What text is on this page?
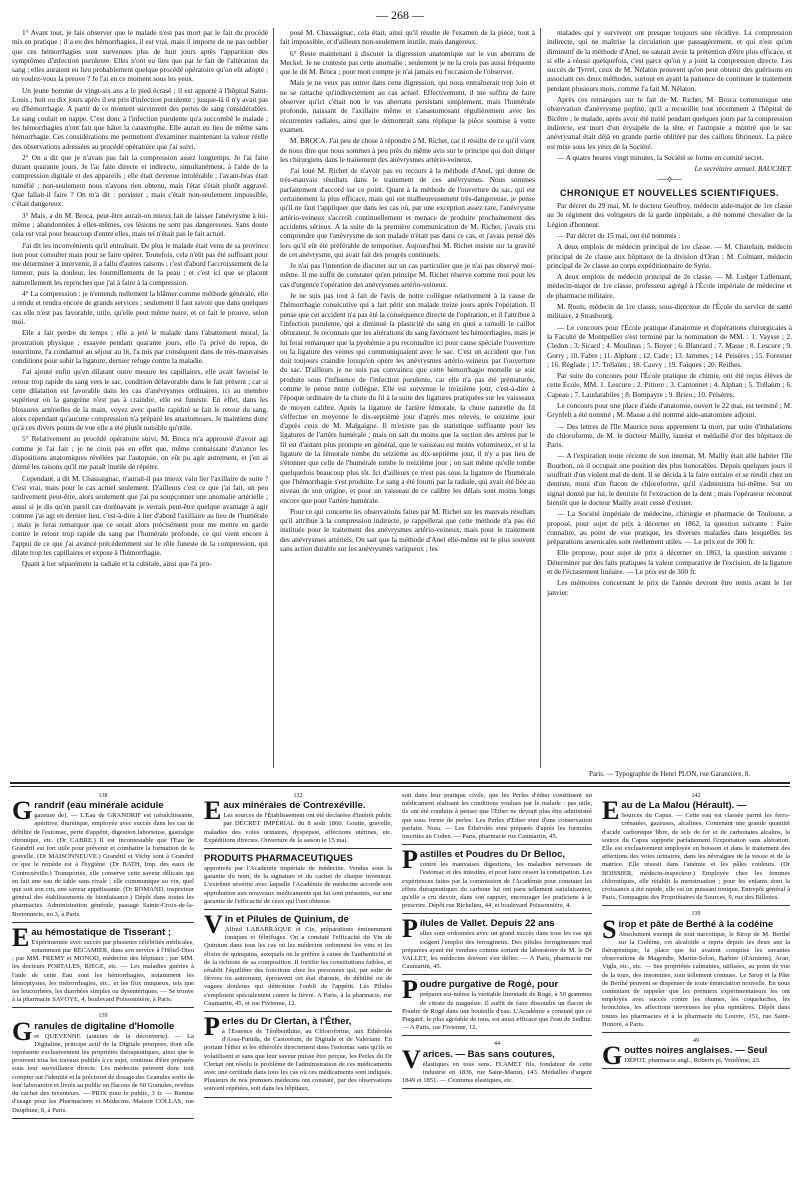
— 268 —

1° Avant tout, je fais observer que le malade n'est pas mort par le fait du procédé mis en pratique ; il a eu des hémorrhagies, il est vrai, mais il importe de ne pas oublier que ces hémorrhagies sont survenues plus de huit jours après l'apparition des symptômes d'infection purulente. Elles n'ont eu lieu que par le fait de l'altération du sang ; elles auraient eu lieu probablement quelque procédé opératoire qu'on eût adopté ; en voulez-vous la preuve ? Je l'ai en ce moment sous les yeux.

Un jeune homme de vingt-six ans a le pied écrasé ; il est apporté à l'hôpital Saint-Louis ; huit ou dix jours après il est pris d'infection purulente ; jusque-là il n'y avait pas eu d'hémorrhagie. A partir de ce moment survinrent des pertes de sang considérables. Le sang coulait en nappe. C'est donc à l'infection purulente qu'a succombé le malade ; les hémorrhagies n'ont fait que hâter la catastrophe. Elle aurait eu lieu de même sans hémorrhagie. Ces considérations me permettent d'examiner maintenant la valeur réelle des observations adressées au procédé opératoire que j'ai suivi.

2° On a dit que je n'avais pas fait la compression assez longtemps. Je l'ai faite durant quarante jours. Je l'ai faite directe et indirecte, simultanément, à l'aide de la compression digitale et des appareils ; elle était devenue intolérable ; l'avant-bras était tuméfié ; non-seulement nous n'avons rien obtenu, mais l'état s'était plutôt aggravé. Que fallait-il faire ? On m'a dit : persister ; mais c'était non-seulement impossible, c'était dangereux.

3° Mais, a dit M. Broca, peut-être aurait-on mieux fait de laisser l'anévrysme à lui-même ; abandonnées à elles-mêmes, ces lésions ne sont pas dangereuses. Sans doute cela est vrai pour beaucoup d'entre elles, mais tel n'était pas le fait actuel.

J'ai dit les inconvénients qu'il entraînait. De plus le malade était venu de sa province non pour consulter mais pour se faire opérer. Toutefois, cela n'eût pas été suffisant pour me déterminer à intervenir, il a fallu d'autres raisons ; c'est d'abord l'accroissement de la tumeur, puis la douleur, les fourmillements de la peau ; et c'est ici que se placent naturellement les reproches que j'ai à faire à la compression.

4° La compression : je n'entends nullement la blâmer comme méthode générale, elle a rendu et rendra encore de grands services ; seulement il faut savoir que dans quelques cas elle n'est pas favorable, utile, qu'elle peut même nuire, et ce fait le prouve, selon moi.

Elle a fait perdre du temps ; elle a jeté le malade dans l'abattement moral, la prostration physique ; essayée pendant quarante jours, elle l'a privé de repos, de nourriture, l'a condamné au séjour au lit, l'a mis par conséquent dans de très-mauvaises conditions pour subir la ligature, dernier refuge contre la maladie.

J'ai ajouté enfin qu'en dilatant outre mesure les capillaires, elle avait favorisé le retour trop rapide du sang vers le sac, condition défavorable dans le fait présent ; car si cette dilatation est favorable dans les cas d'anévrysmes ordinaires, ici au membre supérieur où la gangrène n'est pas à craindre, elle est funeste. En effet, dans les blessures artérielles de la main, voyez avec quelle rapidité se fait le retour du sang, alors cependant qu'aucune compression n'a préparé les anastomoses. Je maintiens donc qu'à ces divers points de vue elle a été plutôt nuisible qu'utile.

5° Relativement au procédé opératoire suivi, M. Broca m'a approuvé d'avoir agi comme je l'ai fait ; je ne crois pas en effet que, même connaissant d'avance les dispositions anatomiques révélées par l'autopsie, on eût pu agir autrement, et j'en ai donné les raisons qu'il me paraît inutile de répéter.

Cependant, a dit M. Chassaignac, n'aurait-il pas mieux valu lier l'axillaire de suite ? C'est vrai, mais pour le cas actuel seulement. D'ailleurs c'est ce que j'ai fait, un peu tardivement peut-être, alors seulement que j'ai pu soupçonner une anomalie artérielle ; aussi si je dis qu'en pareil cas dorénavant je verrais peut-être quelque avantage à agir comme j'ai agi en dernier lieu, c'est-à-dire à lier d'abord l'axillaire au lieu de l'humérale ; mais je ferai remarquer que ce serait alors précisément pour me mettre en garde contre le retour trop rapide du sang par l'humérale profonde, ce qui vient encore à l'appui de ce que j'ai avancé précédemment sur le rôle funeste de la compression, qui dilate trop les capillaires et expose à l'hémorrhagie.

Quant à lier séparément la radiale et la cubitale, ainsi que l'a pro-

posé M. Chassaignac, cela était, ainsi qu'il résulte de l'examen de la pièce, tout à fait impossible, et d'ailleurs non-seulement inutile, mais dangereux.

6° Reste maintenant à discuter la digression anatomique sur le vus aberrans de Meckel. Je ne conteste pas cette anomalie ; seulement je ne la crois pas aussi fréquente que le dit M. Broca ; pour mon compte je n'ai jamais eu l'occasion de l'observer.

Mais je ne veux pas entrer dans cette digression, qui nous entraînerait trop loin et ne se rattache qu'indirectement au cas actuel. Effectivement, il me suffira de faire observer qu'ici c'était non le vas aberrans persistant simplement, mais l'humérale profonde, naissant de l'axillaire même et s'anastomosant régulièrement avec les récurrentes radiales, ainsi que le démontrait sans réplique la pièce soumise à votre examen.

M. BROCA. J'ai peu de chose à répondre à M. Richet, car il résulte de ce qu'il vient de nous dire que nous sommes à peu près du même avis sur le principe qui doit diriger les chirurgiens dans le traitement des anévrysmes artério-veineux.

J'ai loué M. Richet de n'avoir pas eu recours à la méthode d'Anel, qui donne de très-mauvais résultats dans le traitement de ces anévrysmes. Nous sommes parfaitement d'accord sur ce point. Quant à la méthode de l'ouverture du sac, qui est certainement la plus efficace, mais qui est malheureusement très-dangereuse, je pense qu'il ne faut l'appliquer que dans les cas où, par une exception assez rare, l'anévrysme artério-veineux s'accroît continuellement et menace de produire prochainement des accidents sérieux. A la suite de la première communication de M. Richet, j'avais cru comprendre que l'anévrysme de son malade n'était pas dans ce cas, et j'avais pensé dès lors qu'il eût été préférable de temporiser. Aujourd'hui M. Richet insiste sur la gravité de cet anévrysme, qui avait fait des progrès continuels.

Je n'ai pas l'intention de discuter sur un cas particulier que je n'ai pas observé moi-même. Il me suffit de constater qu'en principe M. Richet réserve comme moi pour les cas d'urgence l'opération des anévrysmes artério-veineux.

Je ne suis pas tout à fait de l'avis de notre collègue relativement à la cause de l'hémorrhagie consécutive qui a fait périr son malade treize jours après l'opération. Il pense que cet accident n'a pas été la conséquence directe de l'opération, et il l'attribue à l'infection purulente, qui a diminué la plasticité du sang en quoi a ramolli le caillot obturateur. Je reconnais que les altérations du sang favorisent les hémorrhagies, mais je lui ferai remarquer que la pyohémie a pu reconnaître ici pour cause spéciale l'ouverture ou la ligature des veines qui communiquaient avec le sac. C'est un accident que l'on doit toujours craindre lorsqu'on opère les anévrysmes artério-veineux par l'ouverture du sac. D'ailleurs je ne suis pas convaincu que cette hémorrhagie mortelle se soit produite sous l'influence de l'infection purulente, car elle n'a pas été prématurée, comme le pense notre collègue. Elle est survenue le treizième jour, c'est-à-dire à l'époque ordinaire de la chute du fil à la suite des ligatures pratiquées sur les vaisseaux de moyen calibre. Après la ligature de l'artère fémorale, la chute naturelle du fil s'effectue en moyenne le dix-septième jour d'après mes relevés, le seizième jour d'après ceux de M. Malgaigne. Il m'existe pas de statistique suffisante pour les ligatures de l'artère humérale ; mais on sait du moins que la section des artères par le fil est d'autant plus prompte en général, que le vaisseau est moins volumineux, et si la ligature de la fémorale tombe du seizième au dix-septième jour, il n'y a pas lieu de s'étonner que celle de l'humérale tombe le treizième jour ; on sait même qu'elle tombe quelquefois beaucoup plus tôt. Ici d'ailleurs ce n'est pas sous la ligature de l'humérale que l'hémorrhagie s'est produite. Le sang a été fourni par la radiale, qui avait été liée au niveau de son origine, et pour un vaisseau de ce calibre les délais sont moins longs encore que pour l'artère humérale.

Pour ce qui concerne les observations faites par M. Richet sur les mauvais résultats qu'il attribue à la compression indirecte, je rappellerai que cette méthode n'a pas été instituée pour le traitement des anévrysmes artério-veineux, mais pour le traitement des anévrysmes artériels. On sait que la méthode d'Anel elle-même est le plus souvent sans action durable sur les anévrysmes variqueux ; les

malades qui y survivent ont presque toujours une récidive. La compression indirecte, qui ne maîtrise la circulation que passagèrement, et qui n'est qu'un diminutif de la méthode d'Anel, ne saurait avoir la prétention d'être plus efficace, et si elle a réussi quelquefois, c'est parce qu'on y a joint la compression directe. Les succès de Tyrrel, ceux de M. Nélaton prouvent qu'on peut obtenir des guérisons en associant ces deux méthodes, surtout en ayant la patience de continuer le traitement pendant plusieurs mois, comme l'a fait M. Nélaton.

Après ces remarques sur le fait de M. Richet, M. Broca communique une observation d'anévrysme poplité, qu'il a recueillie tout récemment à l'hôpital de Bicêtre ; le malade, après avoir été traité pendant quelques jours par la compression indirecte, est mort d'un érysipèle de la tête, et l'autopsie a montré que le sac anévrysmal était déjà en grande partie oblitéré par des caillots fibrineux. La pièce est mise sous les yeux de la Société.

— A quatre heures vingt minutes, la Société se forme en comité secret.

Le secrétaire annuel, BAUCHET.
—⟡—
CHRONIQUE ET NOUVELLES SCIENTIFIQUES.

Par décret du 29 mai, M. le docteur Geoffroy, médecin aide-major de 1re classe au 3e régiment des voltigeurs de la garde impériale, a été nommé chevalier de la Légion d'honneur.

— Par décret du 15 mai, ont été nommés :

A deux emplois de médecin principal de 1re classe. — M. Chatelain, médecin principal de 2e classe aux hôpitaux de la division d'Oran ; M. Colmant, médecin principal de 2e classe au corps expéditionnaire de Syrie.

A deux emplois de médecin principal de 2e classe. — M. Ludger Lallemant, médecin-major de 1re classe, professeur agrégé à l'École impériale de médecine et de pharmacie militaire.

M. Rouis, médecin de 1re classe, sous-directeur de l'École du service de santé militaire, à Strasbourg.

— Le concours pour l'École pratique d'anatomie et d'opérations chirurgicales à la Faculté de Montpellier s'est terminé par la nomination de MM. : 1. Vaysse ; 2. Cledon ; 3. Sicard ; 4. Moulinas ; 5. Boyer ; 6. Blancard ; 7. Masse ; 8. Lescure ; 9. Gorry ; 10. Fabre ; 11. Alphant ; 12. Cade ; 13. Jammes ; 14. Peisères ; 15. Forestier ; 16. Réglade ; 17. Trélaüm ; 18. Cauvy ; 19. Faïques ; 20. Reilhes.

Par suite du concours pour l'École pratique de chimie, ont été reçus élèves de cette École, MM. 1. Lescure ; 2. Pittore ; 3. Cantonnet ; 4. Alphan ; 5. Trélaüm ; 6. Capeau ; 7. Laudarabiles ; 8. Bompayre ; 9. Brieu ; 10. Peisères.

Le concours pour une place d'aide d'anatomie, ouvert le 22 mai, est terminé ; M. Grynfelt a été nommé ; M. Masse a été nommé aide-anatomiste adjoint.

— Des lettres de l'île Maurice nous apprennent la mort, par suite d'inhalations de chloroforme, de M. le docteur Mailly, lauréat et médaillé d'or des hôpitaux de Paris.

— A l'expiration toute récente de son internat, M. Mailly était allé habiter l'île Bourbon, où il occupait une position des plus honorables. Depuis quelques jours il souffrait d'un violent mal de dent. Il se décida à la faire extraire et se rendit chez un dentiste, muni d'un flacon de chloroforme, qu'il s'administra lui-même. Sur un signal donné par lui, le dentiste fit l'extraction de la dent ; mais l'opérateur reconnut bientôt que le docteur Mailly avait cessé d'exister.

— La Société impériale de médecine, chirurgie et pharmacie de Toulouse, a proposé, pour sujet de prix à décerner en 1862, la question suivante : Faire connaître, au point de vue pratique, les diverses maladies dans lesquelles les préparations arsenicales sont réellement utiles. — Le prix est de 300 fr.

Elle propose, pour sujet de prix à décerner en 1863, la question suivante : Déterminer par des faits pratiques la valeur comparative de l'excision, de la ligature et de l'écrasement linéaire. — Le prix est de 300 fr.

Les mémoires concernant le prix de l'année devront être remis avant le 1er janvier.

Paris. — Typographie de Henri PLON, rue Garancière, 8.
138
G randrif (eau minérale acidule

gazeuse de). — L'Eau de GRANDRIF est rafraîchissante, apéritive, diurétique, employée avec succès dans les cas de débilité de l'estomac, perte d'appétit, digestion laborieuse, gastralgie chronique, etc. (Dr CABRE.) Il est incontestable que l'Eau de Grandrif est fort utile pour prévenir et combattre la formation de la gravelle. (Dr MAISONNEUVE.) Grandrif et Vichy sont à Grandrif ce que le remède est à l'hygiène. (Dr BATH, Imp. des eaux de Contrexéville.) Transportée, elle conserve cette saveur délicate qui en fait une eau de table sans rivale ; elle communique au vin, quel que soit son cru, une saveur appétissante. (Dr ROMAND, inspecteur général des établissements de bienfaisance.) Dépôt dans toutes les pharmacies. Administration générale, passage Sainte-Croix-de-la-Bretonnerie, no 3, à Paris.

E au hémostatique de Tisserant ;

Expérimentée avec succès par plusieurs célébrités médicales, notamment par RÉCAMIER, dans son service à l'Hôtel-Dieu ; par MM. FREMY et MONOD, médecins des hôpitaux ; par MM. les docteurs PORTALES, RIEGE, etc. — Les maladies guéries à l'aide de cette Eau sont les hémorrhagies, notamment les hémoptysies, les métrorrhagies, etc., et les flux muqueux, tels que les leucorrhées, les diarrhées simples ou dysentériques. — Se trouve à la pharmacie SAVOYE, 4, boulevard Poissonnière, à Paris.

139
G ranules de digitaline d'Homolle

et QUEVENNE (auteurs de la découverte). — La Digitaline, principe actif de la Digitale pourprée, dont elle représente exclusivement les propriétés thérapeutiques, ainsi que le prouvent tous les travaux publiés à ce sujet, continue d'être préparée sous leur surveillance directe. Les médecins peuvent donc tout compter sur l'identité et la précision de dosage des Granules sortis de leur laboratoire et livrés au public en flacons de 60 Granules, revêtus du cachet des inventeurs. — PRIX pour le public, 3 fr. — Remise d'usage pour les Pharmaciens et Médecins. Maison COLLAS, rue Dauphine, 8, à Paris.

132
E aux minérales de Contrexéville.

Les sources de l'Établissement ont été déclarées d'intérêt public par DÉCRET IMPÉRIAL du 8 août 1860. Goutte, gravelle, maladies des voies urinaires, dyspepsie, affections utérines, etc. Expéditions directes. Ouverture de la saison le 15 mai.

PRODUITS PHARMACEUTIQUES

approuvés par l'Académie impériale de médecine. Vendus sous la garantie du nom, de la signature et du cachet de chaque inventeur. L'extrême sévérité avec laquelle l'Académie de médecine accorde son approbation aux nouveaux médicaments qui lui sont présentés, est une garantie de l'efficacité de ceux qui l'ont obtenue.

V in et Pilules de Quinium, de

Alfred LABARRAQUE et Cie, préparations éminemment toniques et fébrifuges. On a constaté l'efficacité du Vin de Quinium dans tous les cas où les médecins ordonnent les vins et les élixirs de quinquina, auxquels on le préfère à cause de l'authenticité et de la richesse de sa composition. Il fortifie les constitutions faibles, et rétablit l'équilibre des fonctions chez les personnes qui, par suite de fièvres ou autrement, éprouvent cet état d'atonie, de débilité ou de vagues douleurs qui détermine l'oubli de l'appétit. Les Pilules s'emploient spécialement contre la fièvre. A Paris, à la pharmacie, rue Caumartin, 45, et rue Fivienne, 12.

P erles du Dr Clertan, à l'Éther,

à l'Essence de Térébenthine, au Chloroforme, aux Éthérolés d'Assa-Fœtida, de Castoréum, de Digitale et de Valériane. En portant l'éther et les éthérolés directement dans l'estomac sans qu'ils se volatilisent et sans que leur saveur puisse être perçue, les Perles du Dr Clertan ont résolu le problème de l'administration de ces médicaments avec une certitude dans tous les cas où ces médicaments sont indiqués. Plusieurs de nos premiers médecins ont constaté, par des observations souvent répétées, soit dans les hôpitaux,

soit dans leur pratique civile, que les Perles d'éther constituent un médicament réalisant les conditions voulues par le malade : pas utile, ils ont été conduits à penser que l'Éther ne devrait plus être administré que sous forme de perles. Les Perles d'Éther sont d'une conservation parfaite. Nota. — Les Éthérolés sont préparés d'après les formules inscrites au Codex. — Paris, pharmacie rue Caumartin, 45.

P astilles et Poudres du Dr Belloc,

contre les mauvaises digestions, les maladies nerveuses de l'estomac et des intestins, et pour faire cesser la constipation. Les expériences faites par la commission de l'Académie pour constater les effets thérapeutiques du carbone lui ont paru tellement satisfaisantes, qu'elle a cru devoir, dans son rapport, encourager les praticiens à le prescrire. Dépôt rue Richelieu, 44, et boulevard Poissonnière, 4.

P ilules de Vallet. Depuis 22 ans

elles sont ordonnées avec un grand succès dans tous les cas qui exigent l'emploi des ferrugineux. Des pilules ferrugineuses mal préparées ayant été vendues comme sortant du laboratoire de M. le Dr VALLET, les médecins doivent s'en défier. — A Paris, pharmacie rue Caumartin, 45.

P oudre purgative de Rogé, pour

préparer soi-même la véritable limonade de Rogé, à 50 grammes de citrate de magnésie. Il suffit de faire dissoudre un flacon de Poudre de Rogé dans une bouteille d'eau. L'Académie a constaté que ce Purgatif, le plus agréable de tous, est aussi efficace que l'eau de Sedlitz. — A Paris, rue Fivienne, 12.

44
V arices. — Bas sans coutures,

élastiques en tous sens. FLAMET fils, fondateur de cette industrie en 1836, rue Saint-Martin, 143. Médailles d'argent 1849 et 1851. — Ceintures élastiques, etc.

142
E au de La Malou (Hérault). —

Sources du Capus. — Cette eau est classée parmi les ferro-crénatées, gazeuses, alcalines. Contenant une grande quantité d'acide carbonique libre, de sels de fer et de carbonates alcalins, la source du Capus supporte parfaitement l'exportation sans altération. Elle est exclusivement employée en boisson et dans le traitement des affections des voies urinaires, dans les névralgies de la vessie et de la matrice. Elle réussit dans l'anémie et les pâles couleurs. (Dr BOISSIER, médecin-inspecteur.) Employée chez les femmes chlorotiques, elle rétablit la menstruation ; pour les enfants dont la croissance a été rapide, elle est un puissant tonique. Entrepôt général à Paris, Compagnie des Propriétaires de Sources, 9, rue des Billettes.

139
S irop et pâte de Berthé à la codéine

Absolument exempt de tout narcotique, le Sirop de M. Berthé sur la Codéine, cet alcaloïde a repris depuis les deux ans la thérapeutique, la place que lui avaient conquise les savantes observations de Magendie, Martin-Solon, Barbier (d'Amiens), Aran, Vigla, etc., etc. — Ses propriétés calmantes, utilisées, au point de vue de la toux, des insomnies, sont tellement connues. Le Sirop et la Pâte de Berthé peuvent se dispenser de toute énonciation nouvelle. En nous contentant de rappeler que les premiers expérimentateurs les ont employés avec succès contre les rhumes, les coqueluches, les bronchites, les affections nerveuses les plus opiniâtres. Dépôt dans toutes les pharmacies et à la pharmacie du Louvre, 151, rue Saint-Honoré, à Paris.

49
G outtes noires anglaises. — Seul

DÉPOT, pharmacie angl., Roberts pi, Vendôme, 23.
